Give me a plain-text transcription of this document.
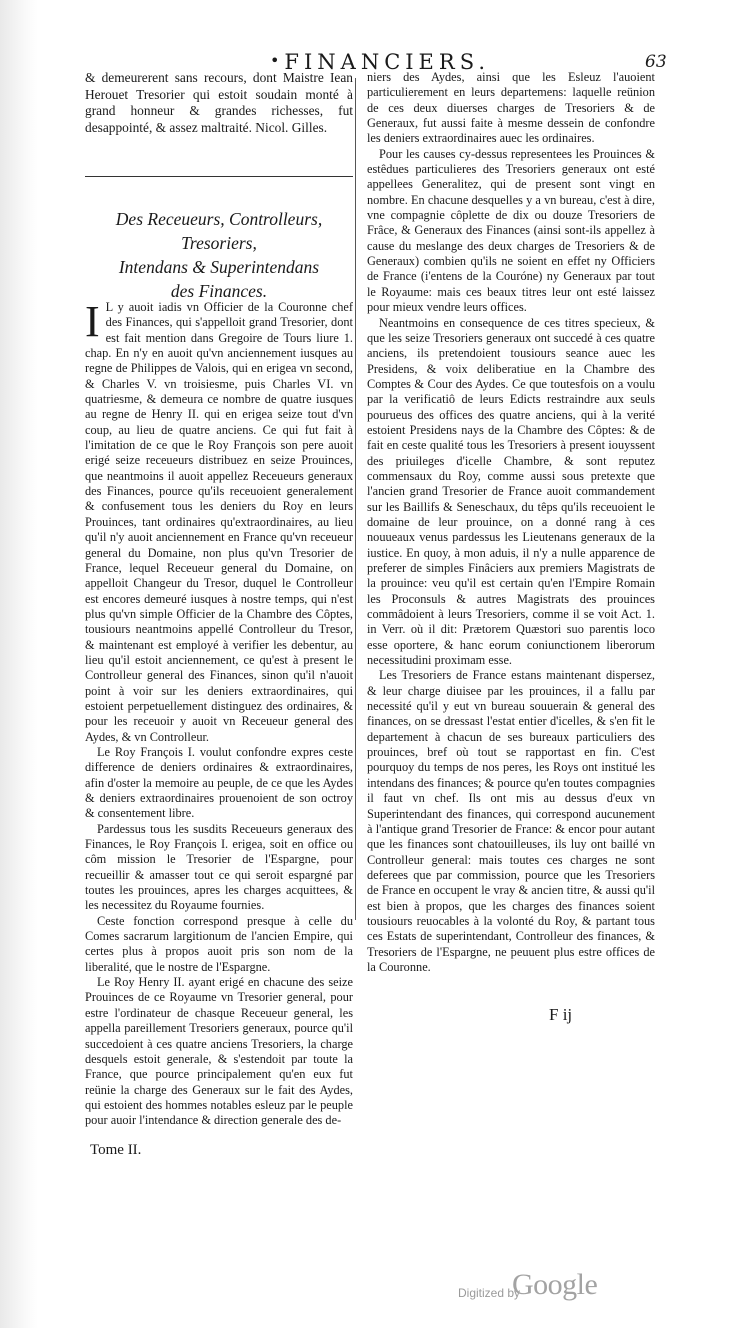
•FINANCIERS.	63

& demeurerent sans recours, dont Maistre Iean Herouet Tresorier qui estoit soudain monté à grand honneur & grandes richesses, fut desappointé, & assez maltraité. Nicol. Gilles.

Des Receueurs, Controlleurs, Tresoriers,
Intendans & Superintendans
des Finances.

I L y auoit iadis vn Officier de la Couronne chef des Finances, qui s'appelloit grand Tresorier, dont est fait mention dans Gregoire de Tours liure 1. chap. En n'y en auoit qu'vn anciennement iusques au regne de Philippes de Valois, qui en erigea vn second, & Charles V. vn troisiesme, puis Charles VI. vn quatriesme, & demeura ce nombre de quatre iusques au regne de Henry II. qui en erigea seize tout d'vn coup, au lieu de quatre anciens. Ce qui fut fait à l'imitation de ce que le Roy François son pere auoit erigé seize receueurs distribuez en seize Prouinces, que neantmoins il auoit appellez Receueurs generaux des Finances, pource qu'ils receuoient generalement & confusement tous les deniers du Roy en leurs Prouinces, tant ordinaires qu'extraordinaires, au lieu qu'il n'y auoit anciennement en France qu'vn receueur general du Domaine, non plus qu'vn Tresorier de France, lequel Receueur general du Domaine, on appelloit Changeur du Tresor, duquel le Controlleur est encores demeuré iusques à nostre temps, qui n'est plus qu'vn simple Officier de la Chambre des Côptes, tousiours neantmoins appellé Controlleur du Tresor, & maintenant est employé à verifier les debentur, au lieu qu'il estoit anciennement, ce qu'est à present le Controlleur general des Finances, sinon qu'il n'auoit point à voir sur les deniers extraordinaires, qui estoient perpetuellement distinguez des ordinaires, & pour les receuoir y auoit vn Receueur general des Aydes, & vn Controlleur.

Le Roy François I. voulut confondre expres ceste difference de deniers ordinaires & extraordinaires, afin d'oster la memoire au peuple, de ce que les Aydes & deniers extraordinaires prouenoient de son octroy & consentement libre.

Pardessus tous les susdits Receueurs generaux des Finances, le Roy François I. erigea, soit en office ou côm mission le Tresorier de l'Espargne, pour recueillir & amasser tout ce qui seroit espargné par toutes les prouinces, apres les charges acquittees, & les necessitez du Royaume fournies.

Ceste fonction correspond presque à celle du Comes sacrarum largitionum de l'ancien Empire, qui certes plus à propos auoit pris son nom de la liberalité, que le nostre de l'Espargne.

Le Roy Henry II. ayant erigé en chacune des seize Prouinces de ce Royaume vn Tresorier general, pour estre l'ordinateur de chasque Receueur general, les appella pareillement Tresoriers generaux, pource qu'il succedoient à ces quatre anciens Tresoriers, la charge desquels estoit generale, & s'estendoit par toute la France, que pource principalement qu'en eux fut reünie la charge des Generaux sur le fait des Aydes, qui estoient des hommes notables esleuz par le peuple pour auoir l'intendance & direction generale des de-

Tome II.

niers des Aydes, ainsi que les Esleuz l'auoient particulierement en leurs departemens: laquelle reünion de ces deux diuerses charges de Tresoriers & de Generaux, fut aussi faite à mesme dessein de confondre les deniers extraordinaires auec les ordinaires.

Pour les causes cy-dessus representees les Prouinces & estêdues particulieres des Tresoriers generaux ont esté appellees Generalitez, qui de present sont vingt en nombre. En chacune desquelles y a vn bureau, c'est à dire, vne compagnie côplette de dix ou douze Tresoriers de Frâce, & Generaux des Finances (ainsi sont-ils appellez à cause du meslange des deux charges de Tresoriers & de Generaux) combien qu'ils ne soient en effet ny Officiers de France (i'entens de la Couróne) ny Generaux par tout le Royaume: mais ces beaux titres leur ont esté laissez pour mieux vendre leurs offices.

Neantmoins en consequence de ces titres specieux, & que les seize Tresoriers generaux ont succedé à ces quatre anciens, ils pretendoient tousiours seance auec les Presidens, & voix deliberatiue en la Chambre des Comptes & Cour des Aydes. Ce que toutesfois on a voulu par la verificatiô de leurs Edicts restraindre aux seuls pourueus des offices des quatre anciens, qui à la verité estoient Presidens nays de la Chambre des Côptes: & de fait en ceste qualité tous les Tresoriers à present iouyssent des priuileges d'icelle Chambre, & sont reputez commensaux du Roy, comme aussi sous pretexte que l'ancien grand Tresorier de France auoit commandement sur les Baillifs & Seneschaux, du têps qu'ils receuoient le domaine de leur prouince, on a donné rang à ces nouueaux venus pardessus les Lieutenans generaux de la iustice. En quoy, à mon aduis, il n'y a nulle apparence de preferer de simples Finâciers aux premiers Magistrats de la prouince: veu qu'il est certain qu'en l'Empire Romain les Proconsuls & autres Magistrats des prouinces commâdoient à leurs Tresoriers, comme il se voit Act. 1. in Verr. où il dit: Prætorem Quæstori suo parentis loco esse oportere, & hanc eorum coniunctionem liberorum necessitudini proximam esse.

Les Tresoriers de France estans maintenant dispersez, & leur charge diuisee par les prouinces, il a fallu par necessité qu'il y eut vn bureau souuerain & general des finances, on se dressast l'estat entier d'icelles, & s'en fit le departement à chacun de ses bureaux particuliers des prouinces, bref où tout se rapportast en fin. C'est pourquoy du temps de nos peres, les Roys ont institué les intendans des finances; & pource qu'en toutes compagnies il faut vn chef. Ils ont mis au dessus d'eux vn Superintendant des finances, qui correspond aucunement à l'antique grand Tresorier de France: & encor pour autant que les finances sont chatouilleuses, ils luy ont baillé vn Controlleur general: mais toutes ces charges ne sont deferees que par commission, pource que les Tresoriers de France en occupent le vray & ancien titre, & aussi qu'il est bien à propos, que les charges des finances soient tousiours reuocables à la volonté du Roy, & partant tous ces Estats de superintendant, Controlleur des finances, & Tresoriers de l'Espargne, ne peuuent plus estre offices de la Couronne.

F ij
Digitized by
Google
